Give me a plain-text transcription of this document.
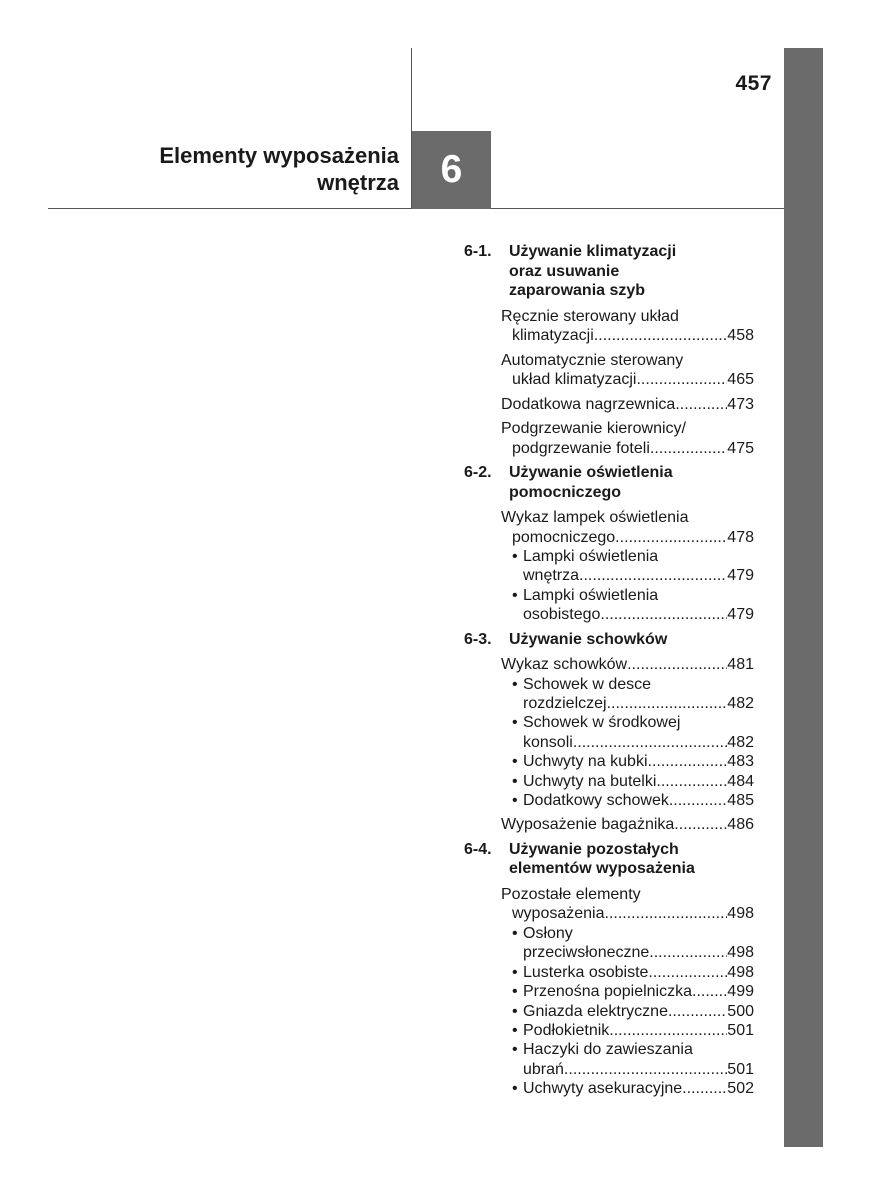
457
Elementy wyposażenia
wnętrza 6
6-1.	Używanie klimatyzacji
oraz usuwanie
zaparowania szyb
Ręcznie sterowany układ
klimatyzacji .....	458
Automatycznie sterowany
układ klimatyzacji .....	465
Dodatkowa nagrzewnica .....	473
Podgrzewanie kierownicy/
podgrzewanie foteli .....	475
6-2.	Używanie oświetlenia
pomocniczego
Wykaz lampek oświetlenia
pomocniczego .....	478
• Lampki oświetlenia
wnętrza .....	479
• Lampki oświetlenia
osobistego .....	479
6-3.	Używanie schowków
Wykaz schowków .....	481
• Schowek w desce
rozdzielczej .....	482
• Schowek w środkowej
konsoli .....	482
• Uchwyty na kubki .....	483
• Uchwyty na butelki .....	484
• Dodatkowy schowek .....	485
Wyposażenie bagażnika .....	486
6-4.	Używanie pozostałych
elementów wyposażenia
Pozostałe elementy
wyposażenia .....	498
• Osłony
przeciwsłoneczne .....	498
• Lusterka osobiste .....	498
• Przenośna popielniczka ..... 499
• Gniazda elektryczne .....	500
• Podłokietnik .....	501
• Haczyki do zawieszania
ubrań .....	501
• Uchwyty asekuracyjne .....	502
